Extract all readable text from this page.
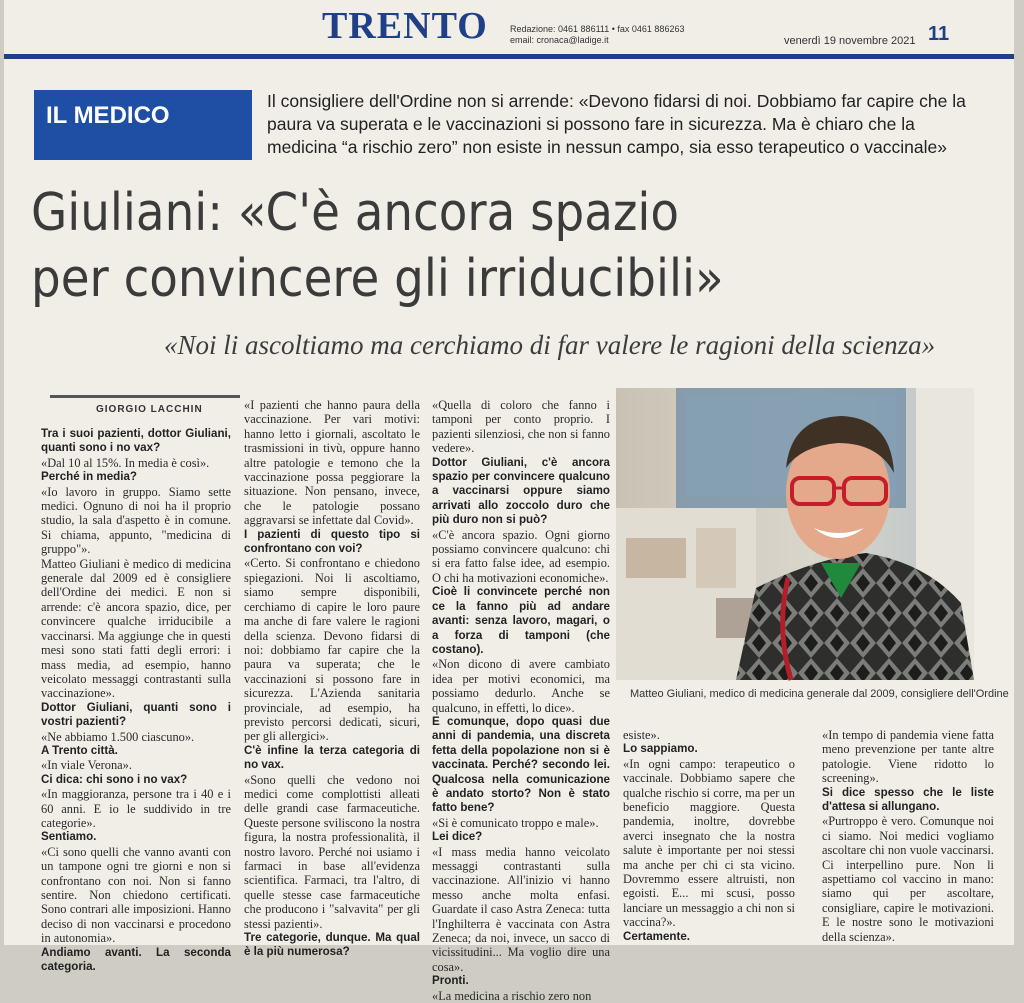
TRENTO Redazione: 0461 886111 • fax 0461 886263
email: cronaca@ladige.it	venerdì 19 novembre 2021 11
IL MEDICO
Il consigliere dell'Ordine non si arrende: «Devono fidarsi di noi. Dobbiamo far capire che la paura va superata e le vaccinazioni si possono fare in sicurezza. Ma è chiaro che la medicina “a rischio zero” non esiste in nessun campo, sia esso terapeutico o vaccinale»
Giuliani: «C'è ancora spazio
per convincere gli irriducibili»
«Noi li ascoltiamo ma cerchiamo di far valere le ragioni della scienza»
GIORGIO LACCHIN

Tra i suoi pazienti, dottor Giuliani, quanti sono i no vax?

«Dal 10 al 15%. In media è così».

Perché in media?

«Io lavoro in gruppo. Siamo sette medici. Ognuno di noi ha il proprio studio, la sala d'aspetto è in comune. Si chiama, appunto, "medicina di gruppo"».

Matteo Giuliani è medico di medicina generale dal 2009 ed è consigliere dell'Ordine dei medici. E non si arrende: c'è ancora spazio, dice, per convincere qualche irriducibile a vaccinarsi. Ma aggiunge che in questi mesi sono stati fatti degli errori: i mass media, ad esempio, hanno veicolato messaggi contrastanti sulla vaccinazione».

Dottor Giuliani, quanti sono i vostri pazienti?

«Ne abbiamo 1.500 ciascuno».

A Trento città.

«In viale Verona».

Ci dica: chi sono i no vax?

«In maggioranza, persone tra i 40 e i 60 anni. E io le suddivido in tre categorie».

Sentiamo.

«Ci sono quelli che vanno avanti con un tampone ogni tre giorni e non si confrontano con noi. Non si fanno sentire. Non chiedono certificati. Sono contrari alle imposizioni. Hanno deciso di non vaccinarsi e procedono in autonomia».

Andiamo avanti. La seconda categoria.

«I pazienti che hanno paura della vaccinazione. Per vari motivi: hanno letto i giornali, ascoltato le trasmissioni in tivù, oppure hanno altre patologie e temono che la vaccinazione possa peggiorare la situazione. Non pensano, invece, che le patologie possano aggravarsi se infettate dal Covid».

I pazienti di questo tipo si confrontano con voi?

«Certo. Si confrontano e chiedono spiegazioni. Noi li ascoltiamo, siamo sempre disponibili, cerchiamo di capire le loro paure ma anche di fare valere le ragioni della scienza. Devono fidarsi di noi: dobbiamo far capire che la paura va superata; che le vaccinazioni si possono fare in sicurezza. L'Azienda sanitaria provinciale, ad esempio, ha previsto percorsi dedicati, sicuri, per gli allergici».

C'è infine la terza categoria di no vax.

«Sono quelli che vedono noi medici come complottisti alleati delle grandi case farmaceutiche. Queste persone sviliscono la nostra figura, la nostra professionalità, il nostro lavoro. Perché noi usiamo i farmaci in base all'evidenza scientifica. Farmaci, tra l'altro, di quelle stesse case farmaceutiche che producono i "salvavita" per gli stessi pazienti».

Tre categorie, dunque. Ma qual è la più numerosa?

«Quella di coloro che fanno i tamponi per conto proprio. I pazienti silenziosi, che non si fanno vedere».

Dottor Giuliani, c'è ancora spazio per convincere qualcuno a vaccinarsi oppure siamo arrivati allo zoccolo duro che più duro non si può?

«C'è ancora spazio. Ogni giorno possiamo convincere qualcuno: chi si era fatto false idee, ad esempio. O chi ha motivazioni economiche».

Cioè li convincete perché non ce la fanno più ad andare avanti: senza lavoro, magari, o a forza di tamponi (che costano).

«Non dicono di avere cambiato idea per motivi economici, ma possiamo dedurlo. Anche se qualcuno, in effetti, lo dice».

E comunque, dopo quasi due anni di pandemia, una discreta fetta della popolazione non si è vaccinata. Perché? secondo lei. Qualcosa nella comunicazione è andato storto? Non è stato fatto bene?

«Si è comunicato troppo e male».

Lei dice?

«I mass media hanno veicolato messaggi contrastanti sulla vaccinazione. All'inizio vi hanno messo anche molta enfasi. Guardate il caso Astra Zeneca: tutta l'Inghilterra è vaccinata con Astra Zeneca; da noi, invece, un sacco di vicissitudini... Ma voglio dire una cosa».

Pronti.

«La medicina a rischio zero non

Matteo Giuliani, medico di medicina generale dal 2009, consigliere dell'Ordine

esiste».

Lo sappiamo.

«In ogni campo: terapeutico o vaccinale. Dobbiamo sapere che qualche rischio si corre, ma per un beneficio maggiore. Questa pandemia, inoltre, dovrebbe averci insegnato che la nostra salute è importante per noi stessi ma anche per chi ci sta vicino. Dovremmo essere altruisti, non egoisti. E... mi scusi, posso lanciare un messaggio a chi non si vaccina?».

Certamente.

«In tempo di pandemia viene fatta meno prevenzione per tante altre patologie. Viene ridotto lo screening».

Si dice spesso che le liste d'attesa si allungano.

«Purtroppo è vero. Comunque noi ci siamo. Noi medici vogliamo ascoltare chi non vuole vaccinarsi. Ci interpellino pure. Non li aspettiamo col vaccino in mano: siamo qui per ascoltare, consigliare, capire le motivazioni. E le nostre sono le motivazioni della scienza».
